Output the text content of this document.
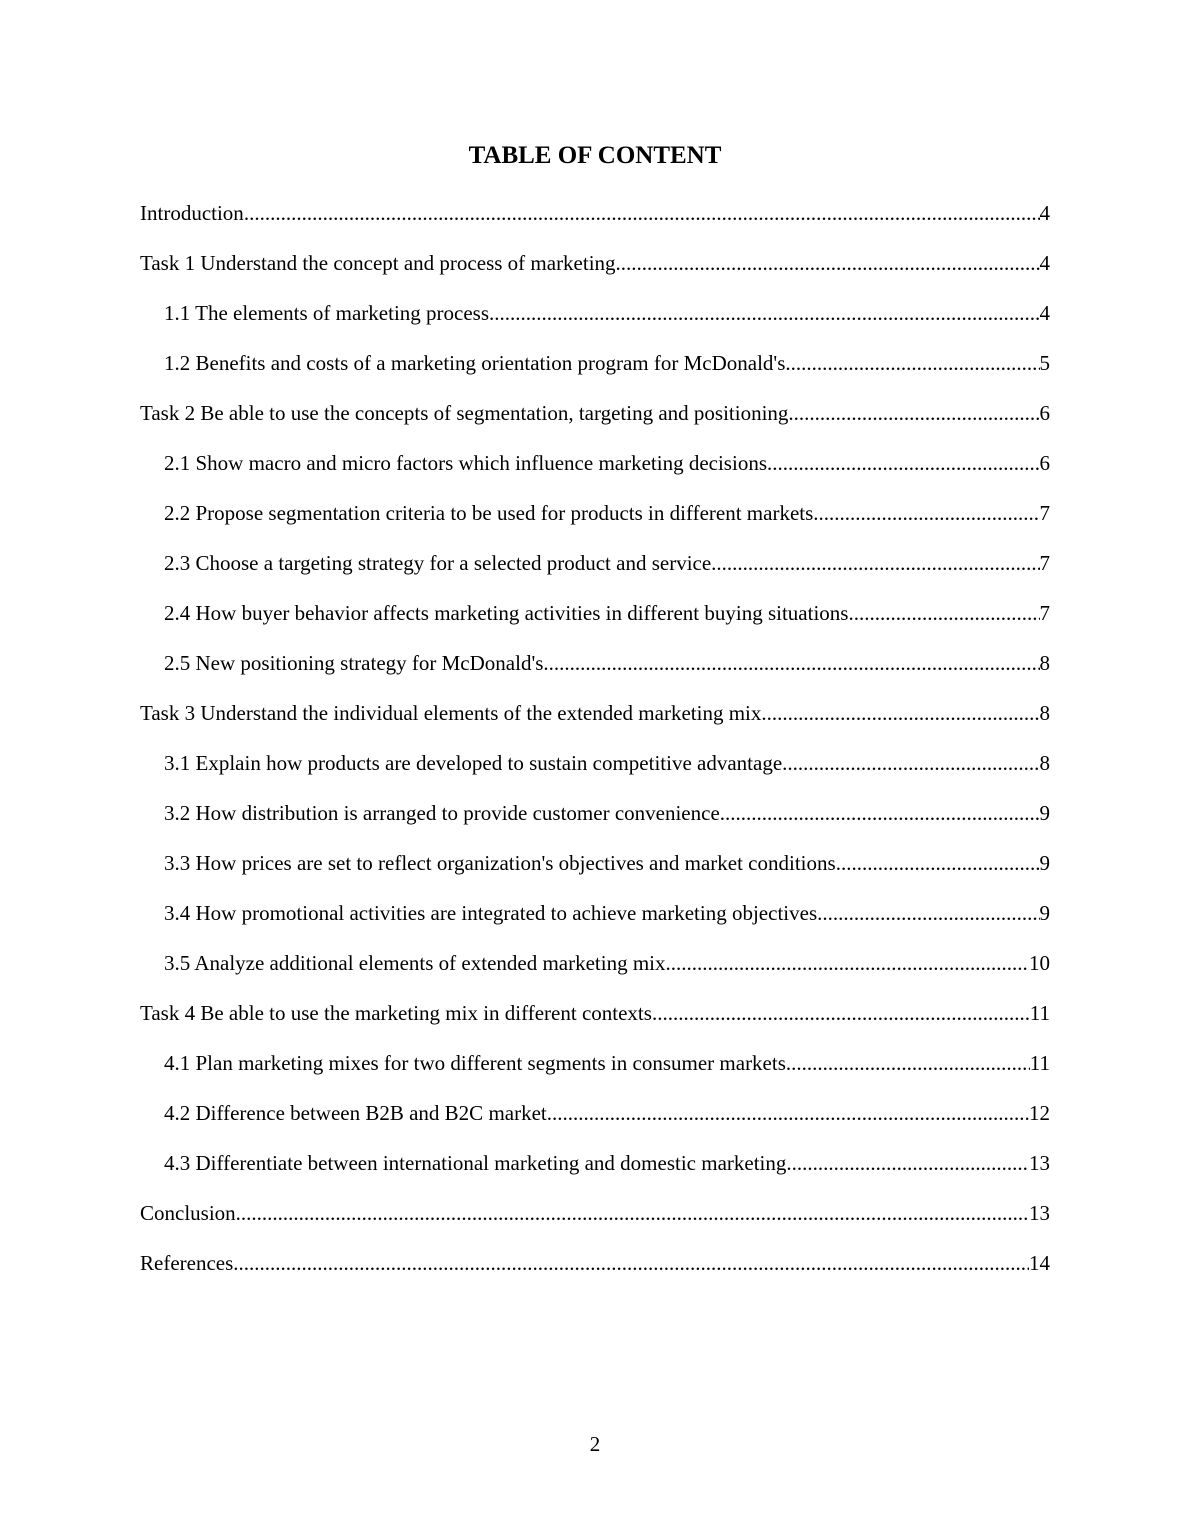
TABLE OF CONTENT
Introduction .....	4
Task 1 Understand the concept and process of marketing .....	4
1.1 The elements of marketing process .....	4
1.2 Benefits and costs of a marketing orientation program for McDonald's .....	5
Task 2 Be able to use the concepts of segmentation, targeting and positioning .....	6
2.1 Show macro and micro factors which influence marketing decisions .....	6
2.2 Propose segmentation criteria to be used for products in different markets .....	7
2.3 Choose a targeting strategy for a selected product and service .....	7
2.4 How buyer behavior affects marketing activities in different buying situations .....	7
2.5 New positioning strategy for McDonald's .....	8
Task 3 Understand the individual elements of the extended marketing mix .....	8
3.1 Explain how products are developed to sustain competitive advantage .....	8
3.2 How distribution is arranged to provide customer convenience .....	9
3.3 How prices are set to reflect organization's objectives and market conditions .....	9
3.4 How promotional activities are integrated to achieve marketing objectives .....	9
3.5 Analyze additional elements of extended marketing mix .....	10
Task 4 Be able to use the marketing mix in different contexts .....	11
4.1 Plan marketing mixes for two different segments in consumer markets .....	11
4.2 Difference between B2B and B2C market .....	12
4.3 Differentiate between international marketing and domestic marketing .....	13
Conclusion .....	13
References .....	14
2
